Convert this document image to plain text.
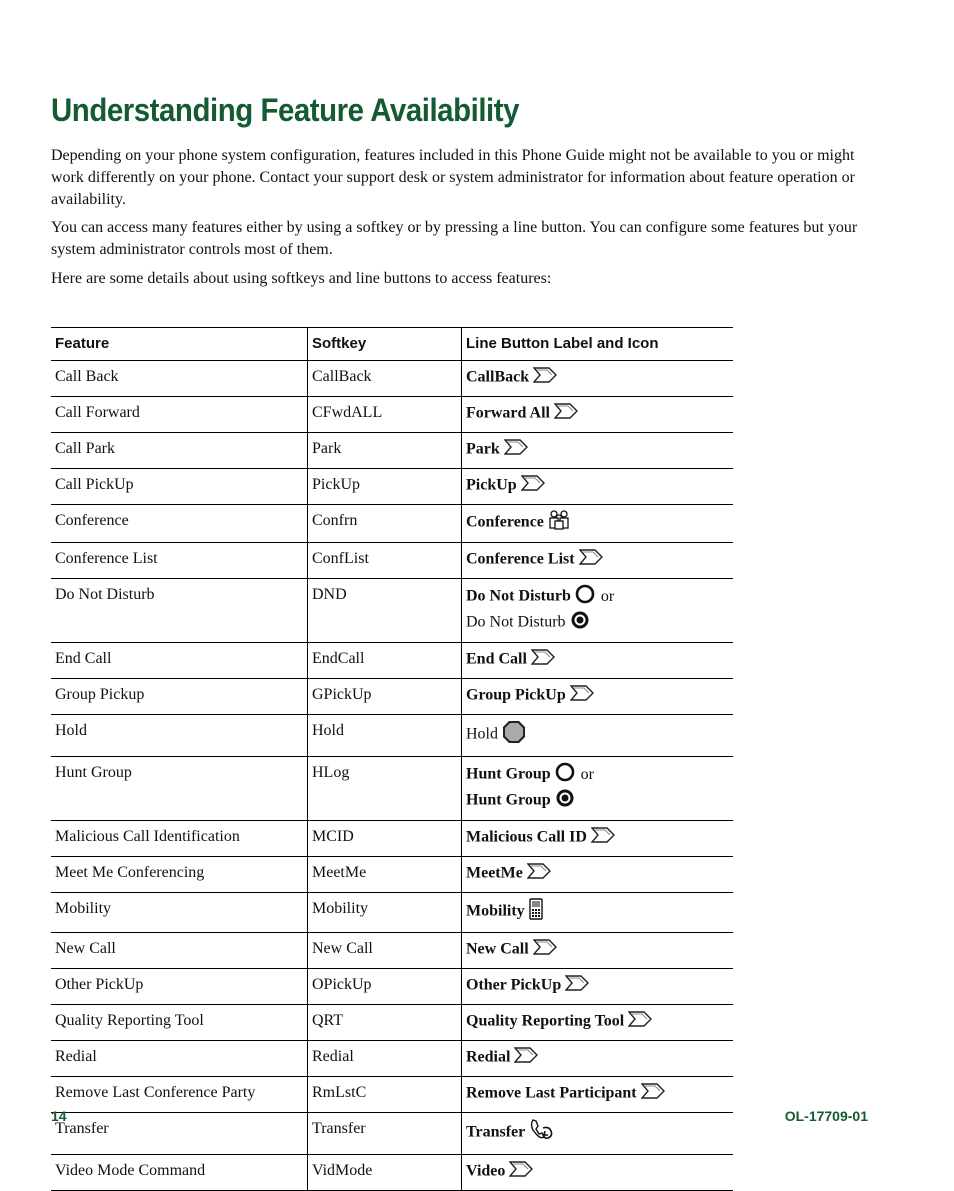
Understanding Feature Availability

Depending on your phone system configuration, features included in this Phone Guide might not be available to you or might work differently on your phone. Contact your support desk or system administrator for information about feature operation or availability.

You can access many features either by using a softkey or by pressing a line button. You can configure some features but your system administrator controls most of them.

Here are some details about using softkeys and line buttons to access features:

Feature	Softkey	Line Button Label and Icon
Call Back	CallBack	CallBack

Call Forward	CFwdALL	Forward All

Call Park	Park	Park

Call PickUp	PickUp	PickUp

Conference	Confrn	Conference

Conference List	ConfList	Conference List

Do Not Disturb	DND	Do Not Disturb or
Do Not Disturb

End Call	EndCall	End Call

Group Pickup	GPickUp	Group PickUp

Hold	Hold	Hold

Hunt Group	HLog	Hunt Group or
Hunt Group

Malicious Call Identification	MCID	Malicious Call ID

Meet Me Conferencing	MeetMe	MeetMe

Mobility	Mobility	Mobility

New Call	New Call	New Call

Other PickUp	OPickUp	Other PickUp

Quality Reporting Tool	QRT	Quality Reporting Tool

Redial	Redial	Redial

Remove Last Conference Party	RmLstC	Remove Last Participant

Transfer	Transfer	Transfer

Video Mode Command	VidMode	Video
14	OL-17709-01
